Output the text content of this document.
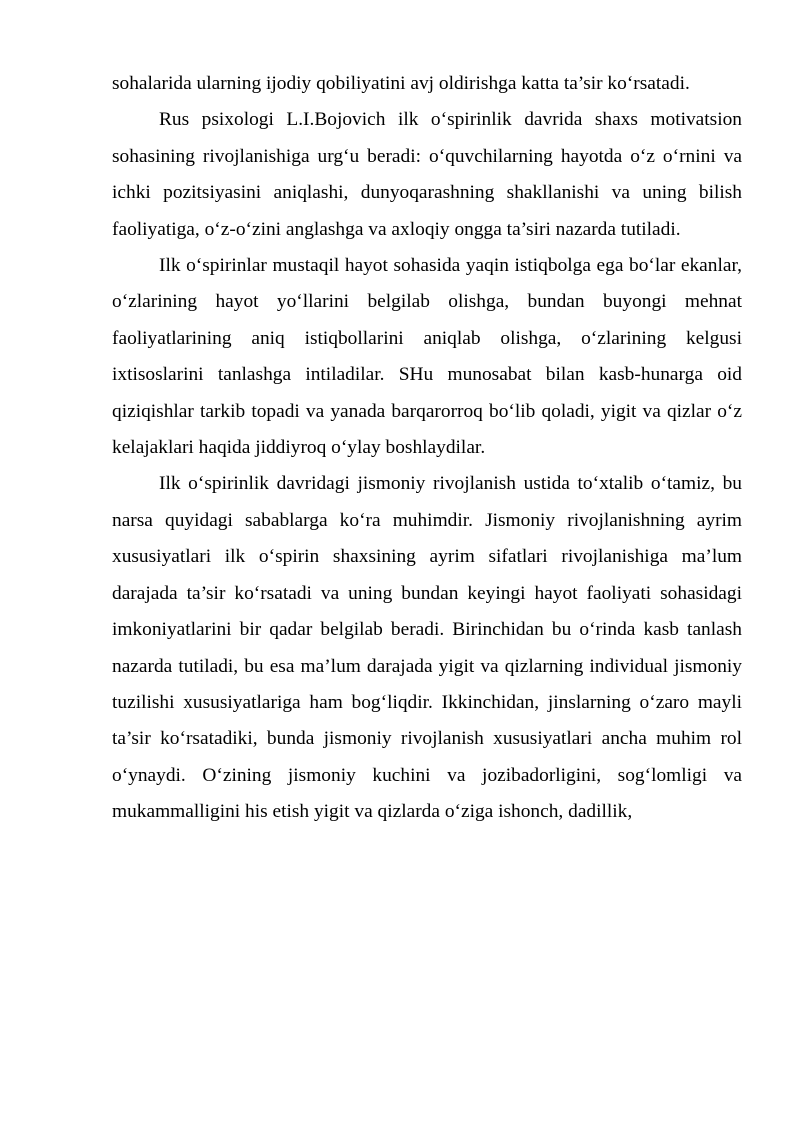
sohalarida ularning ijodiy qobiliyatini avj oldirishga katta ta’sir ko‘rsatadi.

Rus psixologi L.I.Bojovich ilk o‘spirinlik davrida shaxs motivatsion sohasining rivojlanishiga urg‘u beradi: o‘quvchilarning hayotda o‘z o‘rnini va ichki pozitsiyasini aniqlashi, dunyoqarashning shakllanishi va uning bilish faoliyatiga, o‘z-o‘zini anglashga va axloqiy ongga ta’siri nazarda tutiladi.

Ilk o‘spirinlar mustaqil hayot sohasida yaqin istiqbolga ega bo‘lar ekanlar, o‘zlarining hayot yo‘llarini belgilab olishga, bundan buyongi mehnat faoliyatlarining aniq istiqbollarini aniqlab olishga, o‘zlarining kelgusi ixtisoslarini tanlashga intiladilar. SHu munosabat bilan kasb-hunarga oid qiziqishlar tarkib topadi va yanada barqarorroq bo‘lib qoladi, yigit va qizlar o‘z kelajaklari haqida jiddiyroq o‘ylay boshlaydilar.

Ilk o‘spirinlik davridagi jismoniy rivojlanish ustida to‘xtalib o‘tamiz, bu narsa quyidagi sabablarga ko‘ra muhimdir. Jismoniy rivojlanishning ayrim xususiyatlari ilk o‘spirin shaxsining ayrim sifatlari rivojlanishiga ma’lum darajada ta’sir ko‘rsatadi va uning bundan keyingi hayot faoliyati sohasidagi imkoniyatlarini bir qadar belgilab beradi. Birinchidan bu o‘rinda kasb tanlash nazarda tutiladi, bu esa ma’lum darajada yigit va qizlarning individual jismoniy tuzilishi xususiyatlariga ham bog‘liqdir. Ikkinchidan, jinslarning o‘zaro mayli ta’sir ko‘rsatadiki, bunda jismoniy rivojlanish xususiyatlari ancha muhim rol o‘ynaydi. O‘zining jismoniy kuchini va jozibadorligini, sog‘lomligi va mukammalligini his etish yigit va qizlarda o‘ziga ishonch, dadillik,
